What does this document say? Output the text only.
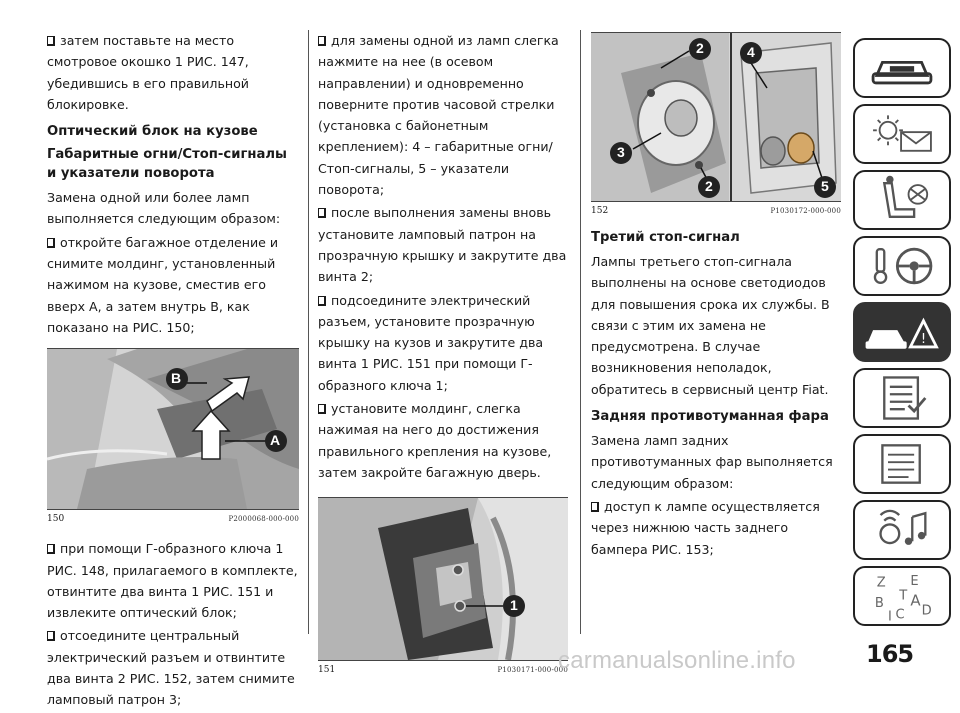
затем поставьте на место смотровое окошко 1 РИС. 147, убедившись в его правильной блокировке.

Оптический блок на кузове
Габаритные огни/Стоп-сигналы и указатели поворота

Замена одной или более ламп выполняется следующим образом:

откройте багажное отделение и снимите молдинг, установленный нажимом на кузове, сместив его вверх А, а затем внутрь B, как показано на РИС. 150;

B
A
150	P2000068-000-000

при помощи Г-образного ключа 1 РИС. 148, прилагаемого в комплекте, отвинтите два винта 1 РИС. 151 и извлеките оптический блок;

отсоедините центральный электрический разъем и отвинтите два винта 2 РИС. 152, затем снимите ламповый патрон 3;

для замены одной из ламп слегка нажмите на нее (в осевом направлении) и одновременно поверните против часовой стрелки (установка с байонетным креплением): 4 – габаритные огни/Стоп-сигналы, 5 – указатели поворота;

после выполнения замены вновь установите ламповый патрон на прозрачную крышку и закрутите два винта 2;

подсоедините электрический разъем, установите прозрачную крышку на кузов и закрутите два винта 1 РИС. 151 при помощи Г-образного ключа 1;

установите молдинг, слегка нажимая на него до достижения правильного крепления на кузове, затем закройте багажную дверь.

1
151	P1030171-000-000
2
3
2
4
5
152	P1030172-000-000
Третий стоп-сигнал

Лампы третьего стоп-сигнала выполнены на основе светодиодов для повышения срока их службы. В связи с этим их замена не предусмотрена. В случае возникновения неполадок, обратитесь в сервисный центр Fiat.

Задняя противотуманная фара

Замена ламп задних противотуманных фар выполняется следующим образом:

доступ к лампе осуществляется через нижнюю часть заднего бампера РИС. 153;

!
Z E
A
B
C D
I
T
165
carmanualsonline.info
